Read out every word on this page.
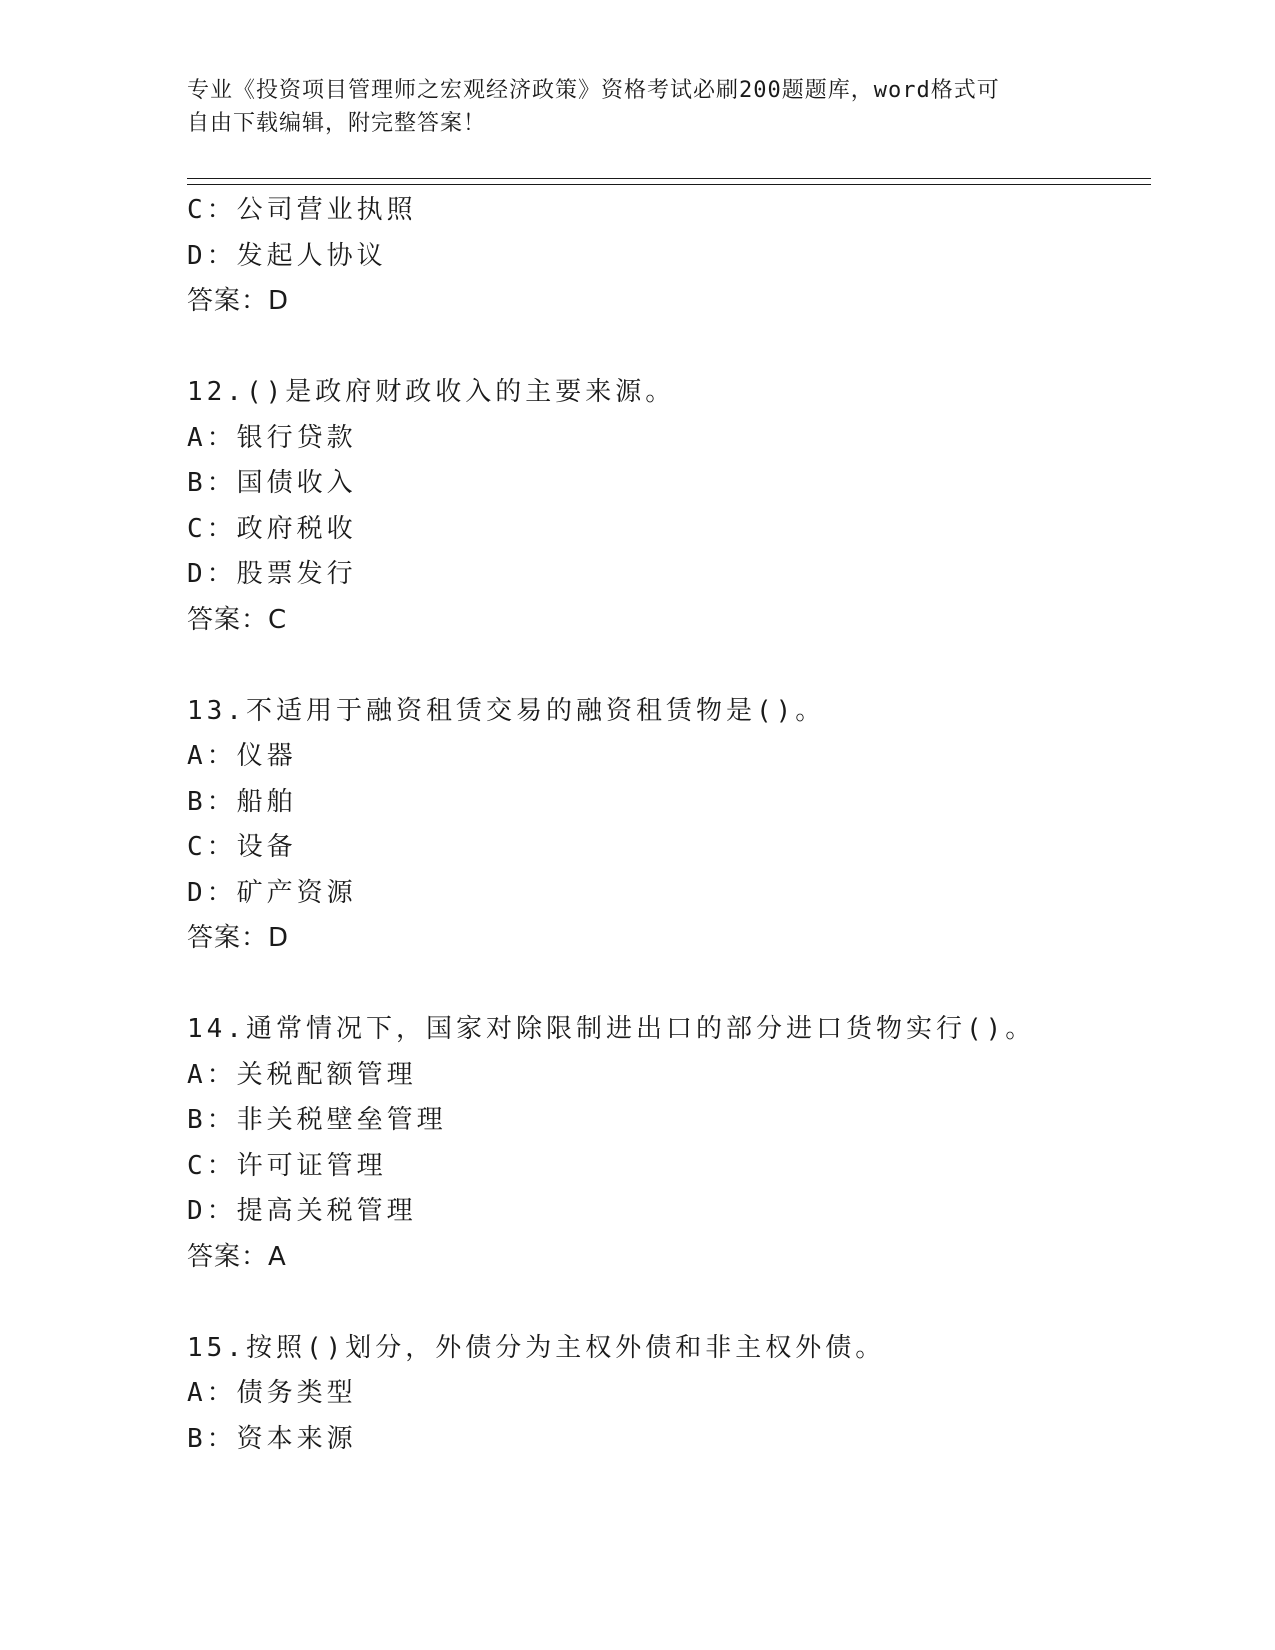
专业《投资项目管理师之宏观经济政策》资格考试必刷200题题库，word格式可
自由下载编辑，附完整答案！
C：公司营业执照
D：发起人协议
答案：D
12.()是政府财政收入的主要来源。
A：银行贷款
B：国债收入
C：政府税收
D：股票发行
答案：C
13.不适用于融资租赁交易的融资租赁物是()。
A：仪器
B：船舶
C：设备
D：矿产资源
答案：D
14.通常情况下，国家对除限制进出口的部分进口货物实行()。
A：关税配额管理
B：非关税壁垒管理
C：许可证管理
D：提高关税管理
答案：A
15.按照()划分，外债分为主权外债和非主权外债。
A：债务类型
B：资本来源
